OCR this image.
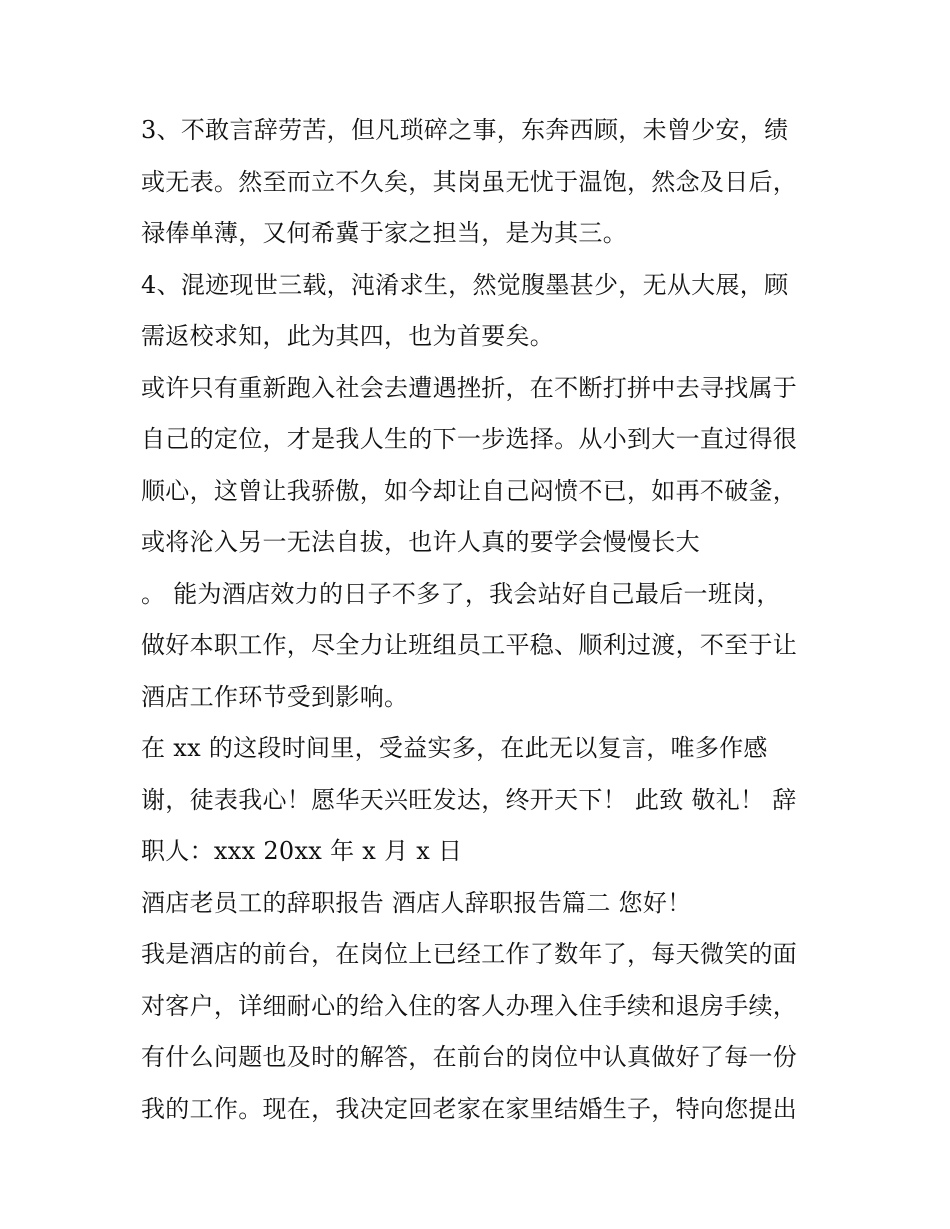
3、不敢言辞劳苦，但凡琐碎之事，东奔西顾，未曾少安，绩
或无表。然至而立不久矣，其岗虽无忧于温饱，然念及日后，
禄俸单薄，又何希冀于家之担当，是为其三。
4、混迹现世三载，沌淆求生，然觉腹墨甚少，无从大展，顾
需返校求知，此为其四，也为首要矣。
或许只有重新跑入社会去遭遇挫折，在不断打拼中去寻找属于
自己的定位，才是我人生的下一步选择。从小到大一直过得很
顺心，这曾让我骄傲，如今却让自己闷愤不已，如再不破釜，
或将沦入另一无法自拔，也许人真的要学会慢慢长大
。 能为酒店效力的日子不多了，我会站好自己最后一班岗，
做好本职工作，尽全力让班组员工平稳、顺利过渡，不至于让
酒店工作环节受到影响。
在 xx 的这段时间里，受益实多，在此无以复言，唯多作感
谢，徒表我心！愿华天兴旺发达，终开天下！ 此致 敬礼！ 辞
职人：xxx 20xx 年 x 月 x 日
酒店老员工的辞职报告 酒店人辞职报告篇二 您好！
我是酒店的前台，在岗位上已经工作了数年了，每天微笑的面
对客户，详细耐心的给入住的客人办理入住手续和退房手续，
有什么问题也及时的解答，在前台的岗位中认真做好了每一份
我的工作。现在，我决定回老家在家里结婚生子，特向您提出
